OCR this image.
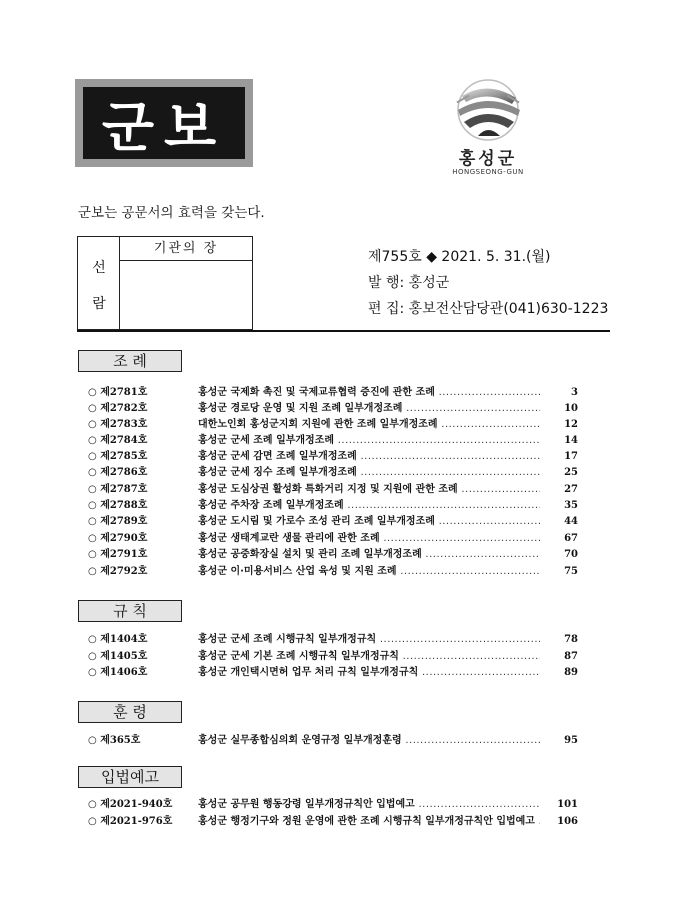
군보
홍성군
HONGSEONG-GUN
군보는 공문서의 효력을 갖는다.
선
람
기관의 장
제755호 ◆ 2021. 5. 31.(월)
발 행: 홍성군
편 집: 홍보전산담당관(041)630-1223
조 례
○ 제2781호	홍성군 국제화 촉진 및 국제교류협력 증진에 관한 조례 .....	3
○ 제2782호	홍성군 경로당 운영 및 지원 조례 일부개정조례 .....	10
○ 제2783호	대한노인회 홍성군지회 지원에 관한 조례 일부개정조례 .....	12
○ 제2784호	홍성군 군세 조례 일부개정조례 .....	14
○ 제2785호	홍성군 군세 감면 조례 일부개정조례 .....	17
○ 제2786호	홍성군 군세 징수 조례 일부개정조례 .....	25
○ 제2787호	홍성군 도심상권 활성화 특화거리 지정 및 지원에 관한 조례 .....	27
○ 제2788호	홍성군 주차장 조례 일부개정조례 .....	35
○ 제2789호	홍성군 도시림 및 가로수 조성 관리 조례 일부개정조례 .....	44
○ 제2790호	홍성군 생태계교란 생물 관리에 관한 조례 .....	67
○ 제2791호	홍성군 공중화장실 설치 및 관리 조례 일부개정조례 .....	70
○ 제2792호	홍성군 이·미용서비스 산업 육성 및 지원 조례 .....	75
규 칙
○ 제1404호	홍성군 군세 조례 시행규칙 일부개정규칙 .....	78
○ 제1405호	홍성군 군세 기본 조례 시행규칙 일부개정규칙 .....	87
○ 제1406호	홍성군 개인택시면허 업무 처리 규칙 일부개정규칙 .....	89
훈 령
○ 제365호	홍성군 실무종합심의회 운영규정 일부개정훈령 .....	95
입법예고
○ 제2021-940호	홍성군 공무원 행동강령 일부개정규칙안 입법예고 .....	101
○ 제2021-976호	홍성군 행정기구와 정원 운영에 관한 조례 시행규칙 일부개정규칙안 입법예고 .....	106
